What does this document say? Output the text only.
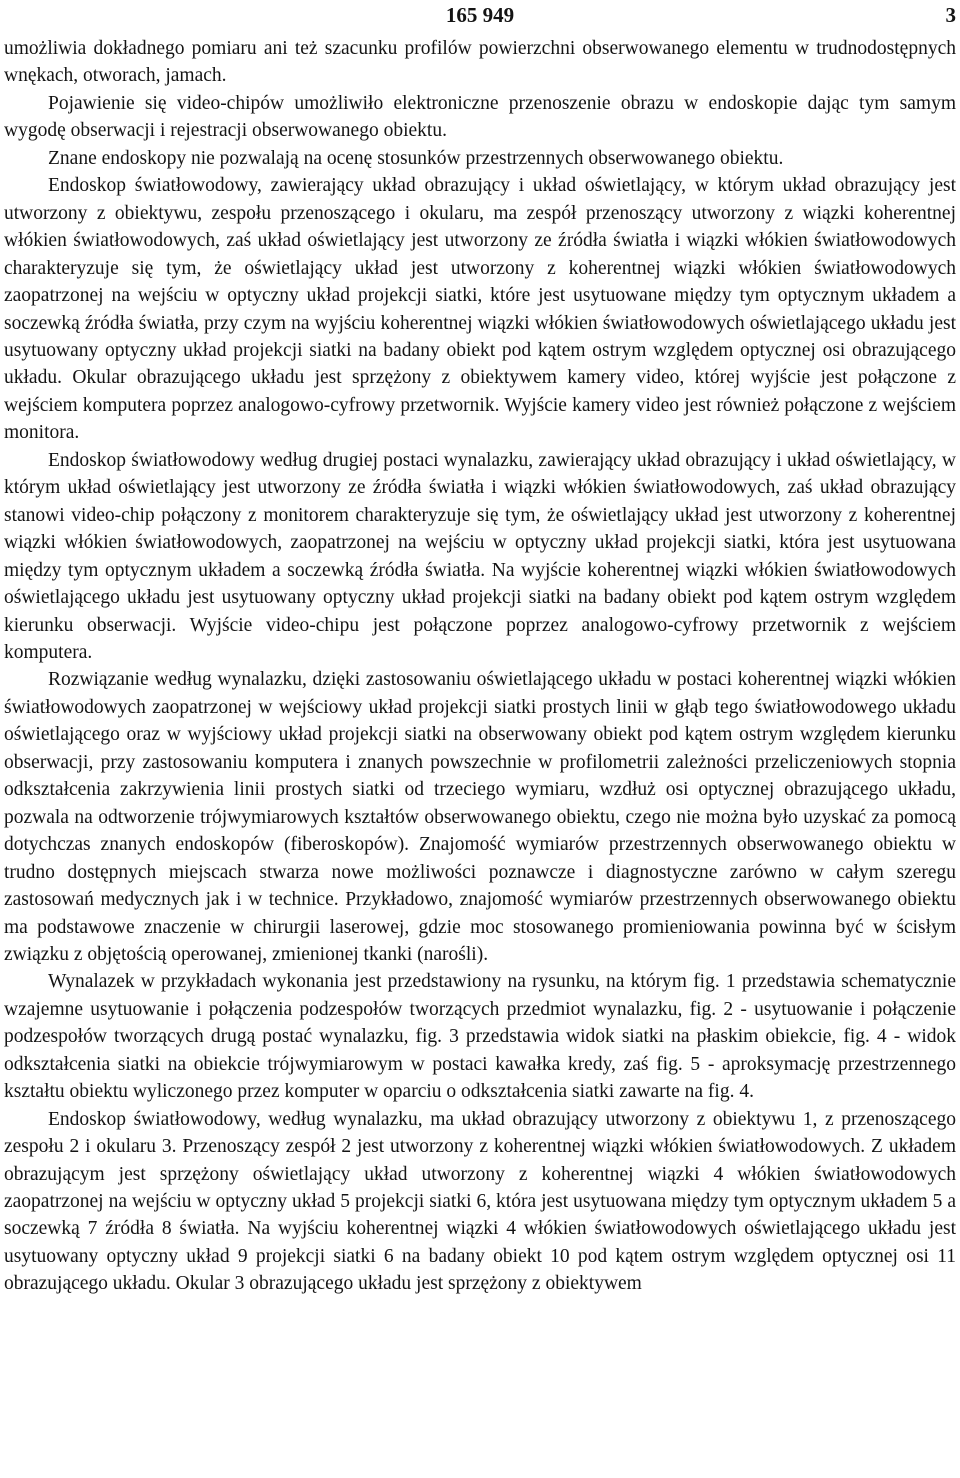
165 949	3

umożliwia dokładnego pomiaru ani też szacunku profilów powierzchni obserwowanego elementu w trudnodostępnych wnękach, otworach, jamach.

Pojawienie się video-chipów umożliwiło elektroniczne przenoszenie obrazu w endoskopie dając tym samym wygodę obserwacji i rejestracji obserwowanego obiektu.

Znane endoskopy nie pozwalają na ocenę stosunków przestrzennych obserwowanego obiektu.

Endoskop światłowodowy, zawierający układ obrazujący i układ oświetlający, w którym układ obrazujący jest utworzony z obiektywu, zespołu przenoszącego i okularu, ma zespół przenoszący utworzony z wiązki koherentnej włókien światłowodowych, zaś układ oświetlający jest utworzony ze źródła światła i wiązki włókien światłowodowych charakteryzuje się tym, że oświetlający układ jest utworzony z koherentnej wiązki włókien światłowodowych zaopatrzonej na wejściu w optyczny układ projekcji siatki, które jest usytuowane między tym optycznym układem a soczewką źródła światła, przy czym na wyjściu koherentnej wiązki włókien światłowodowych oświetlającego układu jest usytuowany optyczny układ projekcji siatki na badany obiekt pod kątem ostrym względem optycznej osi obrazującego układu. Okular obrazującego układu jest sprzężony z obiektywem kamery video, której wyjście jest połączone z wejściem komputera poprzez analogowo-cyfrowy przetwornik. Wyjście kamery video jest również połączone z wejściem monitora.

Endoskop światłowodowy według drugiej postaci wynalazku, zawierający układ obrazujący i układ oświetlający, w którym układ oświetlający jest utworzony ze źródła światła i wiązki włókien światłowodowych, zaś układ obrazujący stanowi video-chip połączony z monitorem charakteryzuje się tym, że oświetlający układ jest utworzony z koherentnej wiązki włókien światłowodowych, zaopatrzonej na wejściu w optyczny układ projekcji siatki, która jest usytuowana między tym optycznym układem a soczewką źródła światła. Na wyjście koherentnej wiązki włókien światłowodowych oświetlającego układu jest usytuowany optyczny układ projekcji siatki na badany obiekt pod kątem ostrym względem kierunku obserwacji. Wyjście video-chipu jest połączone poprzez analogowo-cyfrowy przetwornik z wejściem komputera.

Rozwiązanie według wynalazku, dzięki zastosowaniu oświetlającego układu w postaci koherentnej wiązki włókien światłowodowych zaopatrzonej w wejściowy układ projekcji siatki prostych linii w głąb tego światłowodowego układu oświetlającego oraz w wyjściowy układ projekcji siatki na obserwowany obiekt pod kątem ostrym względem kierunku obserwacji, przy zastosowaniu komputera i znanych powszechnie w profilometrii zależności przeliczeniowych stopnia odkształcenia zakrzywienia linii prostych siatki od trzeciego wymiaru, wzdłuż osi optycznej obrazującego układu, pozwala na odtworzenie trójwymiarowych kształtów obserwowanego obiektu, czego nie można było uzyskać za pomocą dotychczas znanych endoskopów (fiberoskopów). Znajomość wymiarów przestrzennych obserwowanego obiektu w trudno dostępnych miejscach stwarza nowe możliwości poznawcze i diagnostyczne zarówno w całym szeregu zastosowań medycznych jak i w technice. Przykładowo, znajomość wymiarów przestrzennych obserwowanego obiektu ma podstawowe znaczenie w chirurgii laserowej, gdzie moc stosowanego promieniowania powinna być w ścisłym związku z objętością operowanej, zmienionej tkanki (narośli).

Wynalazek w przykładach wykonania jest przedstawiony na rysunku, na którym fig. 1 przedstawia schematycznie wzajemne usytuowanie i połączenia podzespołów tworzących przedmiot wynalazku, fig. 2 - usytuowanie i połączenie podzespołów tworzących drugą postać wynalazku, fig. 3 przedstawia widok siatki na płaskim obiekcie, fig. 4 - widok odkształcenia siatki na obiekcie trójwymiarowym w postaci kawałka kredy, zaś fig. 5 - aproksymację przestrzennego kształtu obiektu wyliczonego przez komputer w oparciu o odkształcenia siatki zawarte na fig. 4.

Endoskop światłowodowy, według wynalazku, ma układ obrazujący utworzony z obiektywu 1, z przenoszącego zespołu 2 i okularu 3. Przenoszący zespół 2 jest utworzony z koherentnej wiązki włókien światłowodowych. Z układem obrazującym jest sprzężony oświetlający układ utworzony z koherentnej wiązki 4 włókien światłowodowych zaopatrzonej na wejściu w optyczny układ 5 projekcji siatki 6, która jest usytuowana między tym optycznym układem 5 a soczewką 7 źródła 8 światła. Na wyjściu koherentnej wiązki 4 włókien światłowodowych oświetlającego układu jest usytuowany optyczny układ 9 projekcji siatki 6 na badany obiekt 10 pod kątem ostrym względem optycznej osi 11 obrazującego układu. Okular 3 obrazującego układu jest sprzężony z obiektywem
